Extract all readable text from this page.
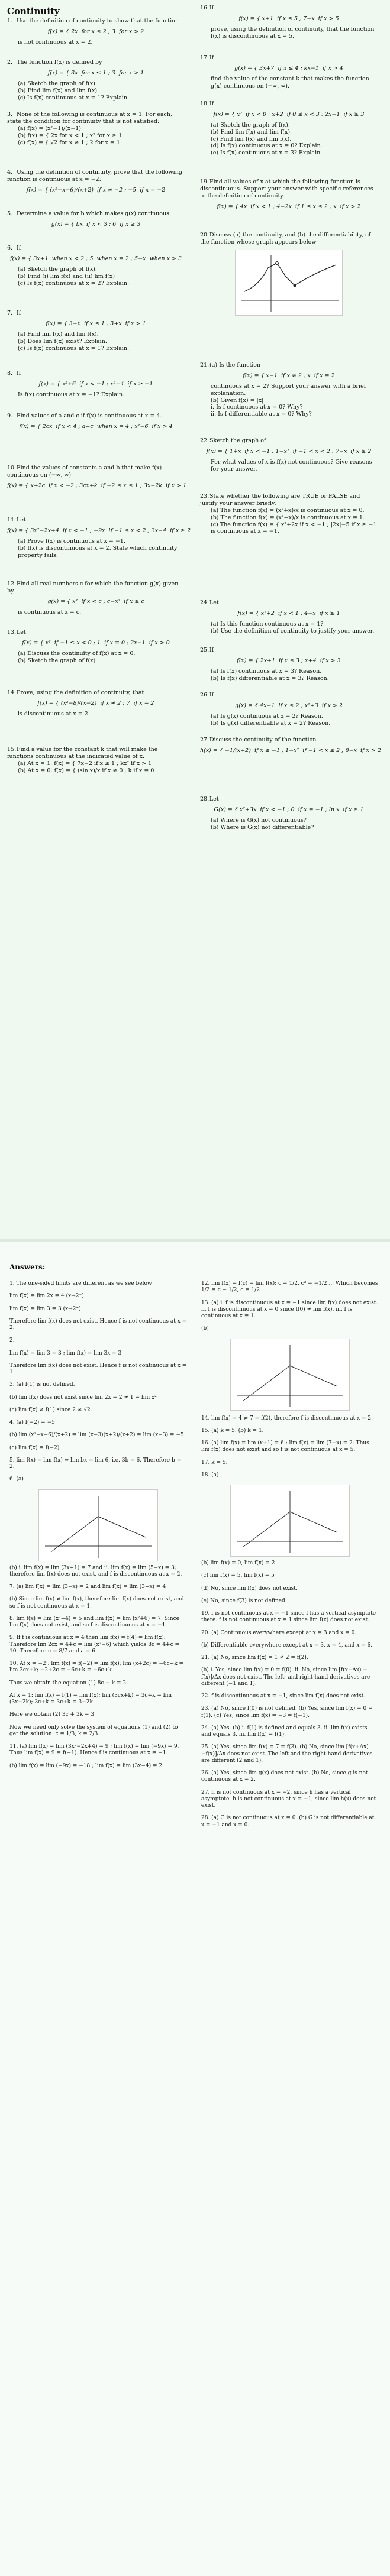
Continuity

1. Use the definition of continuity to show that the function

f(x) = { 2x  for x ≤ 2 ; 3  for x > 2

is not continuous at x = 2.

2. The function f(x) is defined by

f(x) = { 3x  for x ≤ 1 ; 3  for x > 1

(a) Sketch the graph of f(x).

(b) Find lim f(x) and lim f(x).

(c) Is f(x) continuous at x = 1? Explain.

3. None of the following is continuous at x = 1. For each, state the condition for continuity that is not satisfied:

(a) f(x) = (x²−1)/(x−1)

(b) f(x) = { 2x for x < 1 ; x² for x ≥ 1

(c) f(x) = { √2 for x ≠ 1 ; 2 for x = 1

4. Using the definition of continuity, prove that the following function is continuous at x = −2:

f(x) = { (x²−x−6)/(x+2)  if x ≠ −2 ; −5  if x = −2

5. Determine a value for b which makes g(x) continuous.

g(x) = { bx  if x < 3 ; 6  if x ≥ 3

6. If

f(x) = { 3x+1  when x < 2 ; 5  when x = 2 ; 5−x  when x > 3

(a) Sketch the graph of f(x).

(b) Find (i) lim f(x) and (ii) lim f(x)

(c) Is f(x) continuous at x = 2? Explain.

7. If

f(x) = { 3−x  if x ≤ 1 ; 3+x  if x > 1

(a) Find lim f(x) and lim f(x).

(b) Does lim f(x) exist? Explain.

(c) Is f(x) continuous at x = 1? Explain.

8. If

f(x) = { x²+6  if x < −1 ; x²+4  if x ≥ −1

Is f(x) continuous at x = −1? Explain.

9. Find values of a and c if f(x) is continuous at x = 4.

f(x) = { 2cx  if x < 4 ; a+c  when x = 4 ; x²−6  if x > 4

10.Find the values of constants a and b that make f(x) continuous on (−∞, ∞)

f(x) = { x+2c  if x < −2 ; 3cx+k  if −2 ≤ x ≤ 1 ; 3x−2k  if x > 1

11.Let

f(x) = { 3x²−2x+4  if x < −1 ; −9x  if −1 ≤ x < 2 ; 3x−4  if x ≥ 2

(a) Prove f(x) is continuous at x = −1.

(b) f(x) is discontinuous at x = 2. State which continuity property fails.

12.Find all real numbers c for which the function g(x) given by

g(x) = { x²  if x < c ; c−x²  if x ≥ c

is continuous at x = c.

13.Let

f(x) = { x²  if −1 ≤ x < 0 ; 1  if x = 0 ; 2x−1  if x > 0

(a) Discuss the continuity of f(x) at x = 0.

(b) Sketch the graph of f(x).

14.Prove, using the definition of continuity, that

f(x) = { (x²−8)/(x−2)  if x ≠ 2 ; 7  if x = 2

is discontinuous at x = 2.

15.Find a value for the constant k that will make the functions continuous at the indicated value of x.

(a) At x = 1: f(x) = { 7x−2 if x ≤ 1 ; kx² if x > 1

(b) At x = 0: f(x) = { (sin x)/x if x ≠ 0 ; k if x = 0

16.If

f(x) = { x+1  if x ≤ 5 ; 7−x  if x > 5

prove, using the definition of continuity, that the function f(x) is discontinuous at x = 5.

17.If

g(x) = { 3x+7  if x ≤ 4 ; kx−1  if x > 4

find the value of the constant k that makes the function g(x) continuous on (−∞, ∞).

18.If

f(x) = { x²  if x < 0 ; x+2  if 0 ≤ x < 3 ; 2x−1  if x ≥ 3

(a) Sketch the graph of f(x).

(b) Find lim f(x) and lim f(x).

(c) Find lim f(x) and lim f(x).

(d) Is f(x) continuous at x = 0? Explain.

(e) Is f(x) continuous at x = 3? Explain.

19.Find all values of x at which the following function is discontinuous. Support your answer with specific references to the definition of continuity.

f(x) = { 4x  if x < 1 ; 4−2x  if 1 ≤ x ≤ 2 ; x  if x > 2

20.Discuss (a) the continuity, and (b) the differentiability, of the function whose graph appears below

21.(a) Is the function

f(x) = { x−1  if x ≠ 2 ; x  if x = 2

continuous at x = 2? Support your answer with a brief explanation.

(b) Given f(x) = |x|

i. Is f continuous at x = 0? Why?

ii. Is f differentiable at x = 0? Why?

22.Sketch the graph of

f(x) = { 1+x  if x < −1 ; 1−x²  if −1 < x < 2 ; 7−x  if x ≥ 2

For what values of x is f(x) not continuous? Give reasons for your answer.

23.State whether the following are TRUE or FALSE and justify your answer briefly:

(a) The function f(x) = (x²+x)/x is continuous at x = 0.

(b) The function f(x) = (x²+x)/x is continuous at x = 1.

(c) The function f(x) = { x²+2x if x < −1 ; |2x|−5 if x ≥ −1 is continuous at x = −1.

24.Let

f(x) = { x²+2  if x < 1 ; 4−x  if x ≥ 1

(a) Is this function continuous at x = 1?

(b) Use the definition of continuity to justify your answer.

25.If

f(x) = { 2x+1  if x ≤ 3 ; x+4  if x > 3

(a) Is f(x) continuous at x = 3? Reason.

(b) Is f(x) differentiable at x = 3? Reason.

26.If

g(x) = { 4x−1  if x ≤ 2 ; x²+3  if x > 2

(a) Is g(x) continuous at x = 2? Reason.

(b) Is g(x) differentiable at x = 2? Reason.

27.Discuss the continuity of the function

h(x) = { −1/(x+2)  if x ≤ −1 ; 1−x²  if −1 < x ≤ 2 ; 8−x  if x > 2

28.Let

G(x) = { x²+3x  if x < −1 ; 0  if x = −1 ; ln x  if x ≥ 1

(a) Where is G(x) not continuous?

(b) Where is G(x) not differentiable?

Answers:

1. The one-sided limits are different as we see below

lim f(x) = lim 2x = 4 (x→2⁻)

lim f(x) = lim 3 = 3 (x→2⁺)

Therefore lim f(x) does not exist. Hence f is not continuous at x = 2.

2.

lim f(x) = lim 3 = 3 ; lim f(x) = lim 3x = 3

Therefore lim f(x) does not exist. Hence f is not continuous at x = 1.

3. (a) f(1) is not defined.

(b) lim f(x) does not exist since lim 2x = 2 ≠ 1 = lim x²

(c) lim f(x) ≠ f(1) since 2 ≠ √2.

4. (a) f(−2) = −5

(b) lim (x²−x−6)/(x+2) = lim (x−3)(x+2)/(x+2) = lim (x−3) = −5

(c) lim f(x) = f(−2)

5. lim f(x) = lim f(x) ⇒ lim bx = lim 6, i.e. 3b = 6. Therefore b = 2.

6. (a)

(b) i. lim f(x) = lim (3x+1) = 7 and ii. lim f(x) = lim (5−x) = 3; therefore lim f(x) does not exist, and f is discontinuous at x = 2.

7. (a) lim f(x) = lim (3−x) = 2 and lim f(x) = lim (3+x) = 4

(b) Since lim f(x) ≠ lim f(x), therefore lim f(x) does not exist, and so f is not continuous at x = 1.

8. lim f(x) = lim (x²+4) = 5 and lim f(x) = lim (x²+6) = 7. Since lim f(x) does not exist, and so f is discontinuous at x = −1.

9. If f is continuous at x = 4 then lim f(x) = f(4) = lim f(x). Therefore lim 2cx = 4+c = lim (x²−6) which yields 8c = 4+c = 10. Therefore c = 8/7 and a = 6.

10. At x = −2 : lim f(x) = f(−2) = lim f(x); lim (x+2c) = −6c+k = lim 3cx+k; −2+2c = −6c+k = −6c+k

Thus we obtain the equation (1) 8c − k = 2

At x = 1: lim f(x) = f(1) = lim f(x); lim (3cx+k) = 3c+k = lim (3x−2k); 3c+k = 3c+k = 3−2k

Here we obtain (2) 3c + 3k = 3

Now we need only solve the system of equations (1) and (2) to get the solution: c = 1/3, k = 2/3.

11. (a) lim f(x) = lim (3x²−2x+4) = 9 ; lim f(x) = lim (−9x) = 9. Thus lim f(x) = 9 = f(−1). Hence f is continuous at x = −1.

(b) lim f(x) = lim (−9x) = −18 ; lim f(x) = lim (3x−4) = 2

12. lim f(x) = f(c) = lim f(x); c = 1/2, c² = −1/2 ... Which becomes 1/2 = c − 1/2, c = 1/2

13. (a) i. f is discontinuous at x = −1 since lim f(x) does not exist. ii. f is discontinuous at x = 0 since f(0) ≠ lim f(x). iii. f is continuous at x = 1.

(b)

14. lim f(x) = 4 ≠ 7 = f(2), therefore f is discontinuous at x = 2.

15. (a) k = 5. (b) k = 1.

16. (a) lim f(x) = lim (x+1) = 6 ; lim f(x) = lim (7−x) = 2. Thus lim f(x) does not exist and so f is not continuous at x = 5.

17. k = 5.

18. (a)

(b) lim f(x) = 0, lim f(x) = 2

(c) lim f(x) = 5, lim f(x) = 5

(d) No, since lim f(x) does not exist.

(e) No, since f(3) is not defined.

19. f is not continuous at x = −1 since f has a vertical asymptote there. f is not continuous at x = 1 since lim f(x) does not exist.

20. (a) Continuous everywhere except at x = 3 and x = 0.

(b) Differentiable everywhere except at x = 3, x = 4, and x = 6.

21. (a) No, since lim f(x) = 1 ≠ 2 = f(2).

(b) i. Yes, since lim f(x) = 0 = f(0). ii. No, since lim [f(x+Δx) − f(x)]/Δx does not exist. The left- and right-hand derivatives are different (−1 and 1).

22. f is discontinuous at x = −1, since lim f(x) does not exist.

23. (a) No, since f(0) is not defined. (b) Yes, since lim f(x) = 0 = f(1). (c) Yes, since lim f(x) = −3 = f(−1).

24. (a) Yes. (b) i. f(1) is defined and equals 3. ii. lim f(x) exists and equals 3. iii. lim f(x) = f(1).

25. (a) Yes, since lim f(x) = 7 = f(3). (b) No, since lim [f(x+Δx)−f(x)]/Δx does not exist. The left and the right-hand derivatives are different (2 and 1).

26. (a) Yes, since lim g(x) does not exist. (b) No, since g is not continuous at x = 2.

27. h is not continuous at x = −2, since h has a vertical asymptote. h is not continuous at x = −1, since lim h(x) does not exist.

28. (a) G is not continuous at x = 0. (b) G is not differentiable at x = −1 and x = 0.
